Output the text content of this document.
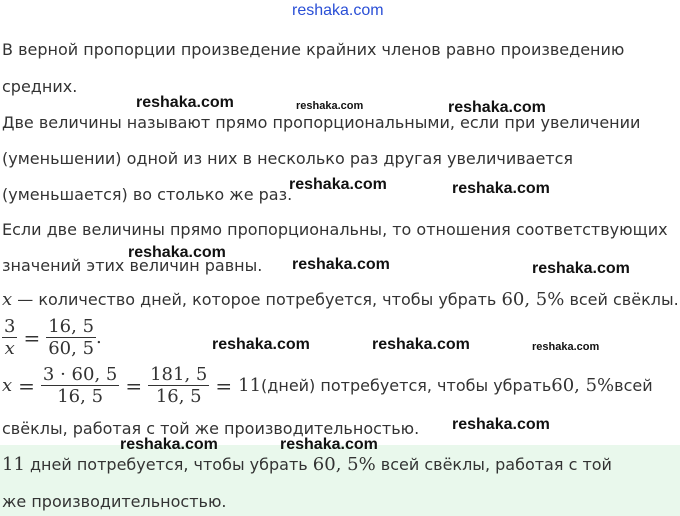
reshaka.com
В верной пропорции произведение крайних членов равно произведению
средних.
Две величины называют прямо пропорциональными, если при увеличении
(уменьшении) одной из них в несколько раз другая увеличивается
(уменьшается) во столько же раз.
Если две величины прямо пропорциональны, то отношения соответствующих
значений этих величин равны.
x — количество дней, которое потребуется, чтобы убрать 60, 5% всей свёклы.
$\frac{3}{x} = \frac{16, 5}{60, 5}$ .
$x = \frac{3 \cdot 60, 5}{16, 5} = \frac{181, 5}{16, 5} = 11$ (дней) потребуется, чтобы убрать 60, 5% всей
свёклы, работая с той же производительностью.
11 дней потребуется, чтобы убрать 60, 5% всей свёклы, работая с той
же производительностью.
reshaka.com	reshaka.com	reshaka.com
reshaka.com	reshaka.com
reshaka.com
reshaka.com	reshaka.com
reshaka.com	reshaka.com	reshaka.com
reshaka.com
reshaka.com	reshaka.com
